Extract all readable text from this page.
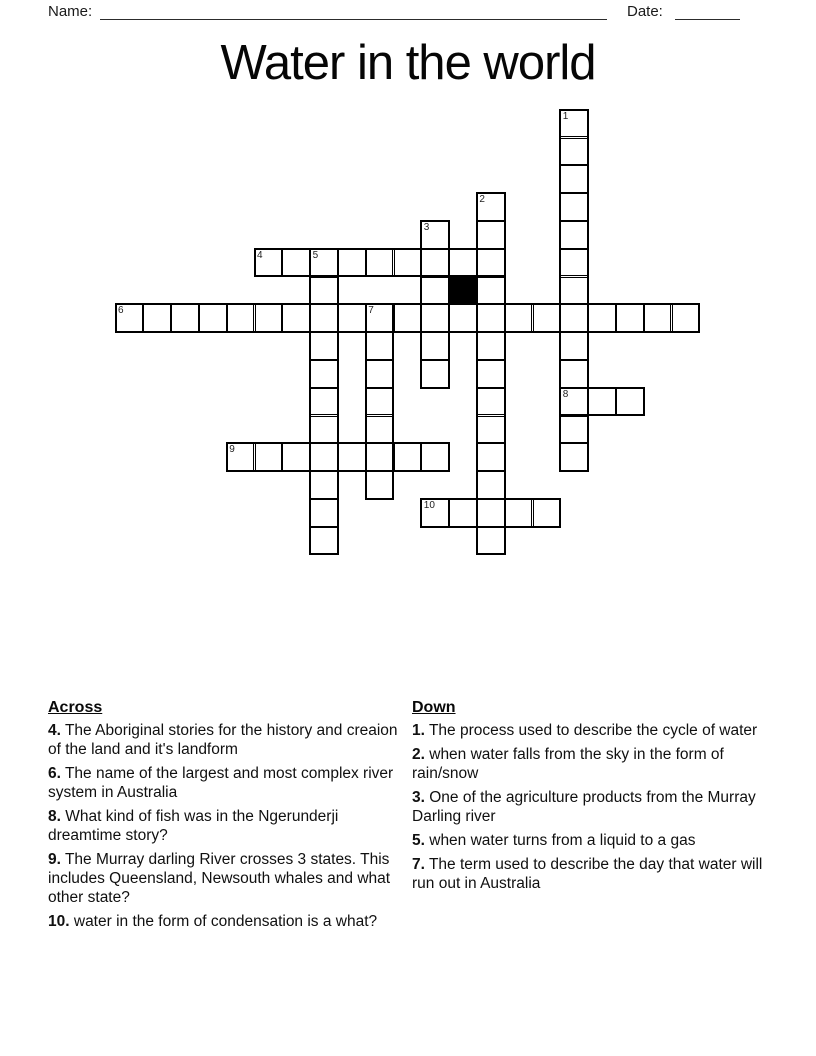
Name:	Date:
Water in the world
1
2
3
4	5
6	7
8
9
10
Across

4. The Aboriginal stories for the history and creaion of the land and it's landform

6. The name of the largest and most complex river system in Australia

8. What kind of fish was in the Ngerunderji dreamtime story?

9. The Murray darling River crosses 3 states. This includes Queensland, Newsouth whales and what other state?

10. water in the form of condensation is a what?

Down

1. The process used to describe the cycle of water

2. when water falls from the sky in the form of rain/snow

3. One of the agriculture products from the Murray Darling river

5. when water turns from a liquid to a gas

7. The term used to describe the day that water will run out in Australia
